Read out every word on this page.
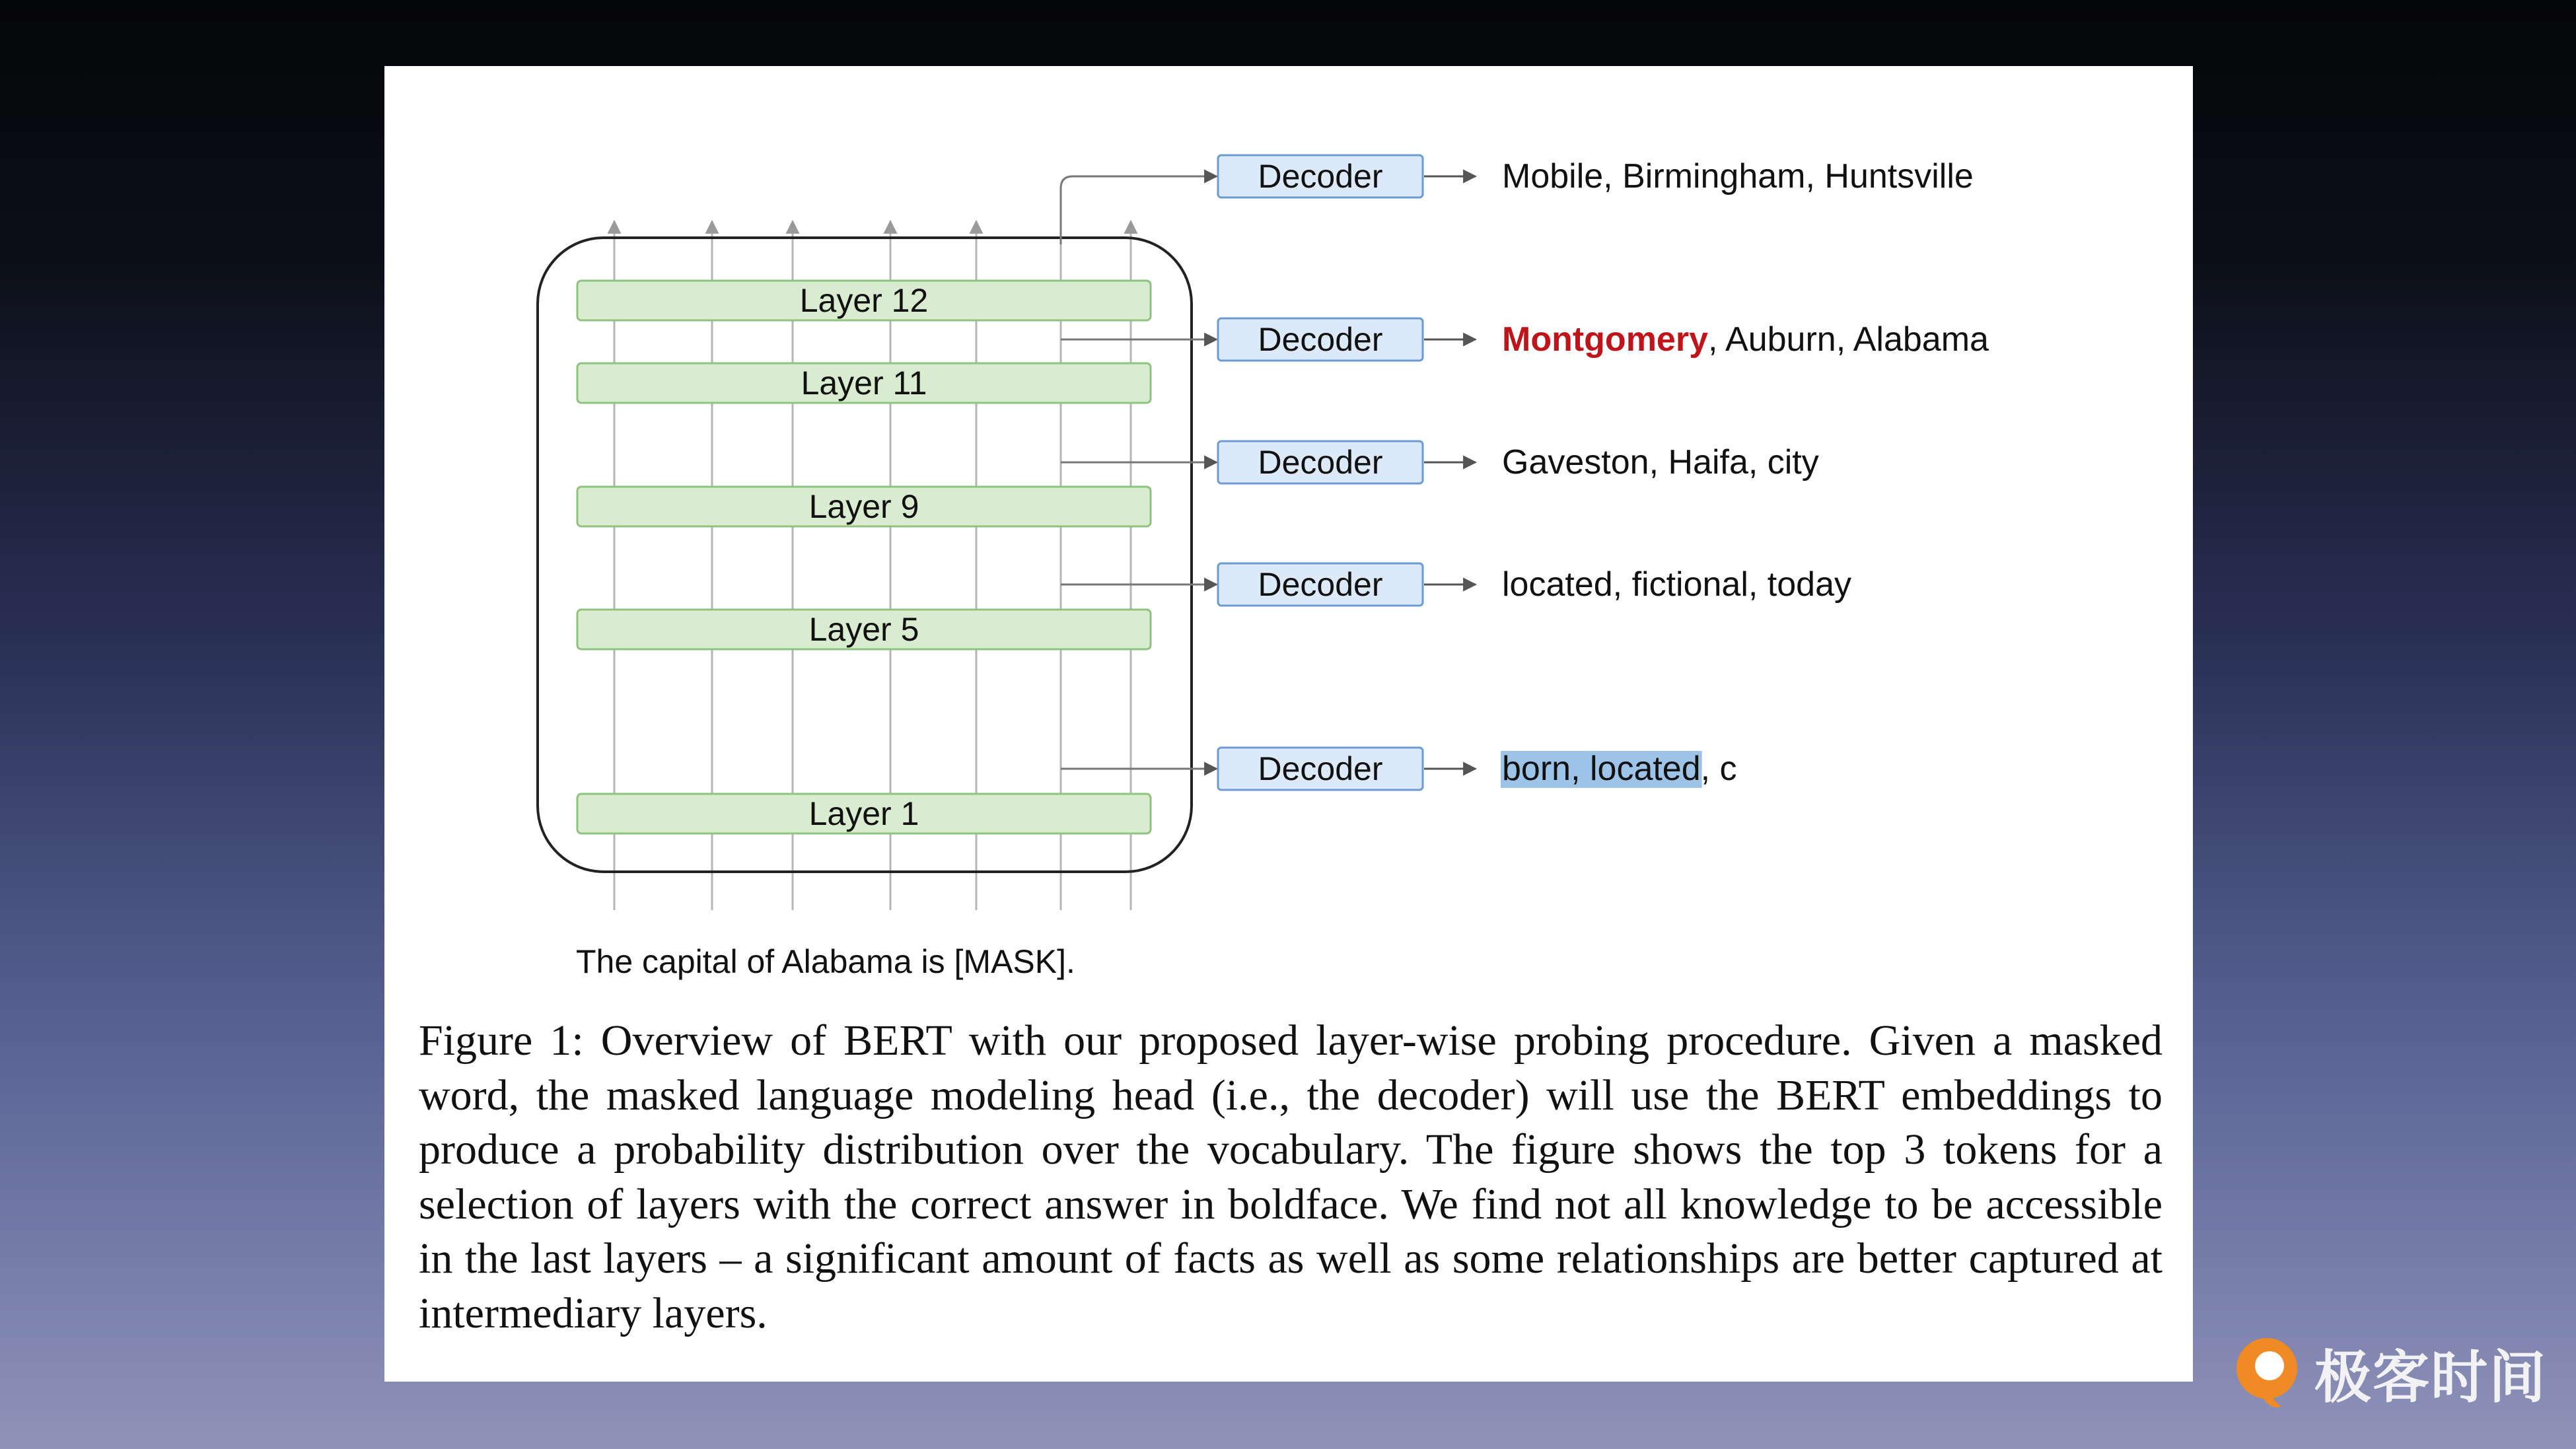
Layer 12
Layer 11
Layer 9
Layer 5
Layer 1
Decoder
Decoder
Decoder
Decoder
Decoder
Mobile, Birmingham, Huntsville
Montgomery, Auburn, Alabama
Gaveston, Haifa, city
located, fictional, today
born, located, c
The capital of Alabama is [MASK].

Figure 1: Overview of BERT with our proposed layer-wise probing procedure. Given a masked word, the masked language modeling head (i.e., the decoder) will use the BERT embeddings to produce a probability distribution over the vocabulary. The figure shows the top 3 tokens for a selection of layers with the correct answer in boldface. We find not all knowledge to be accessible in the last layers – a significant amount of facts as well as some relationships are better captured at intermediary layers.

极客时间
